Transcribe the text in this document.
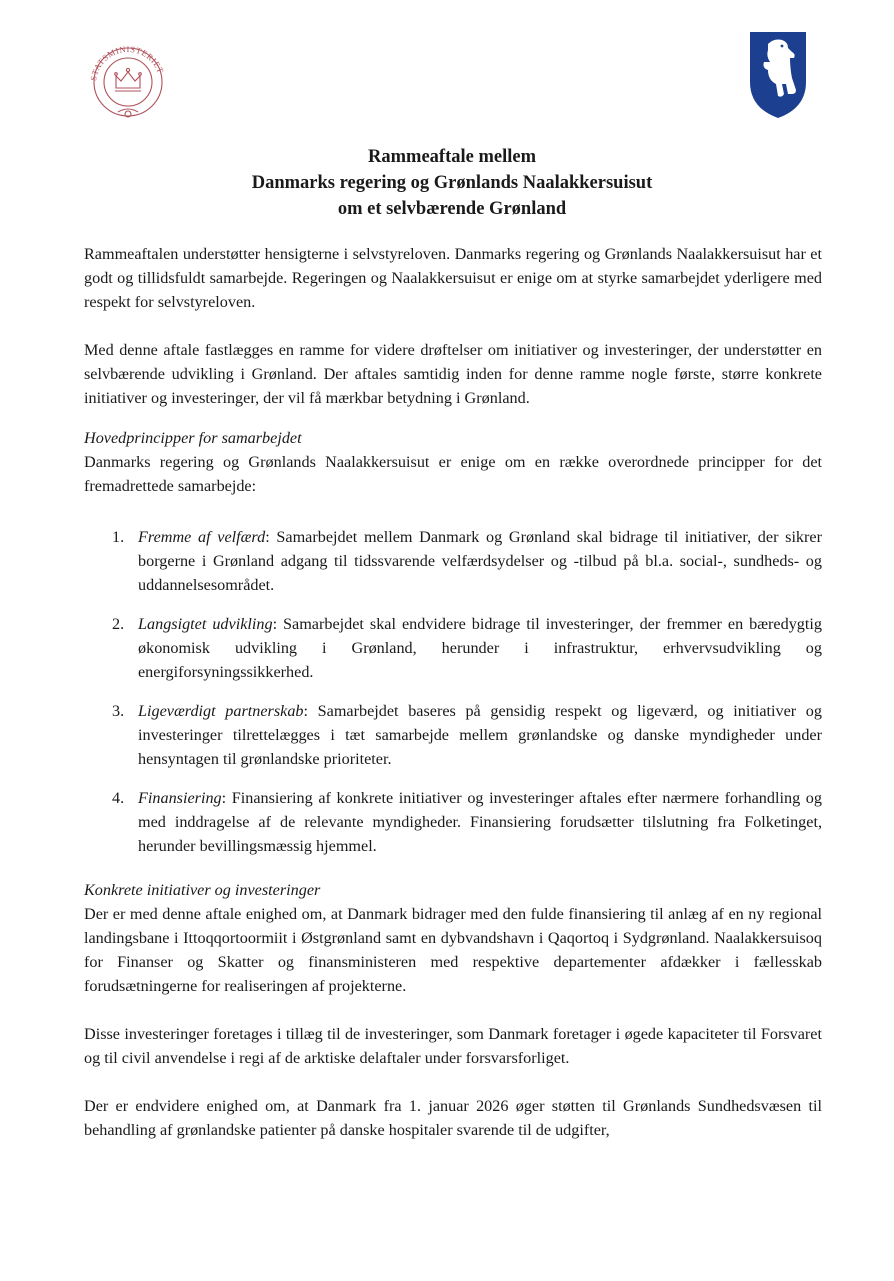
STATSMINISTERIET
Rammeaftale mellem
Danmarks regering og Grønlands Naalakkersuisut
om et selvbærende Grønland

Rammeaftalen understøtter hensigterne i selvstyreloven. Danmarks regering og Grønlands Naalakkersuisut har et godt og tillidsfuldt samarbejde. Regeringen og Naalakkersuisut er enige om at styrke samarbejdet yderligere med respekt for selvstyreloven.

Med denne aftale fastlægges en ramme for videre drøftelser om initiativer og investeringer, der understøtter en selvbærende udvikling i Grønland. Der aftales samtidig inden for denne ramme nogle første, større konkrete initiativer og investeringer, der vil få mærkbar betydning i Grønland.

Hovedprincipper for samarbejdet

Danmarks regering og Grønlands Naalakkersuisut er enige om en række overordnede principper for det fremadrettede samarbejde:

1. Fremme af velfærd: Samarbejdet mellem Danmark og Grønland skal bidrage til initiativer, der sikrer borgerne i Grønland adgang til tidssvarende velfærdsydelser og -tilbud på bl.a. social-, sundheds- og uddannelsesområdet.
2. Langsigtet udvikling: Samarbejdet skal endvidere bidrage til investeringer, der fremmer en bæredygtig økonomisk udvikling i Grønland, herunder i infrastruktur, erhvervsudvikling og energiforsyningssikkerhed.
3. Ligeværdigt partnerskab: Samarbejdet baseres på gensidig respekt og ligeværd, og initiativer og investeringer tilrettelægges i tæt samarbejde mellem grønlandske og danske myndigheder under hensyntagen til grønlandske prioriteter.
4. Finansiering: Finansiering af konkrete initiativer og investeringer aftales efter nærmere forhandling og med inddragelse af de relevante myndigheder. Finansiering forudsætter tilslutning fra Folketinget, herunder bevillingsmæssig hjemmel.

Konkrete initiativer og investeringer

Der er med denne aftale enighed om, at Danmark bidrager med den fulde finansiering til anlæg af en ny regional landingsbane i Ittoqqortoormiit i Østgrønland samt en dybvandshavn i Qaqortoq i Sydgrønland. Naalakkersuisoq for Finanser og Skatter og finansministeren med respektive departementer afdækker i fællesskab forudsætningerne for realiseringen af projekterne.

Disse investeringer foretages i tillæg til de investeringer, som Danmark foretager i øgede kapaciteter til Forsvaret og til civil anvendelse i regi af de arktiske delaftaler under forsvarsforliget.

Der er endvidere enighed om, at Danmark fra 1. januar 2026 øger støtten til Grønlands Sundhedsvæsen til behandling af grønlandske patienter på danske hospitaler svarende til de udgifter,
